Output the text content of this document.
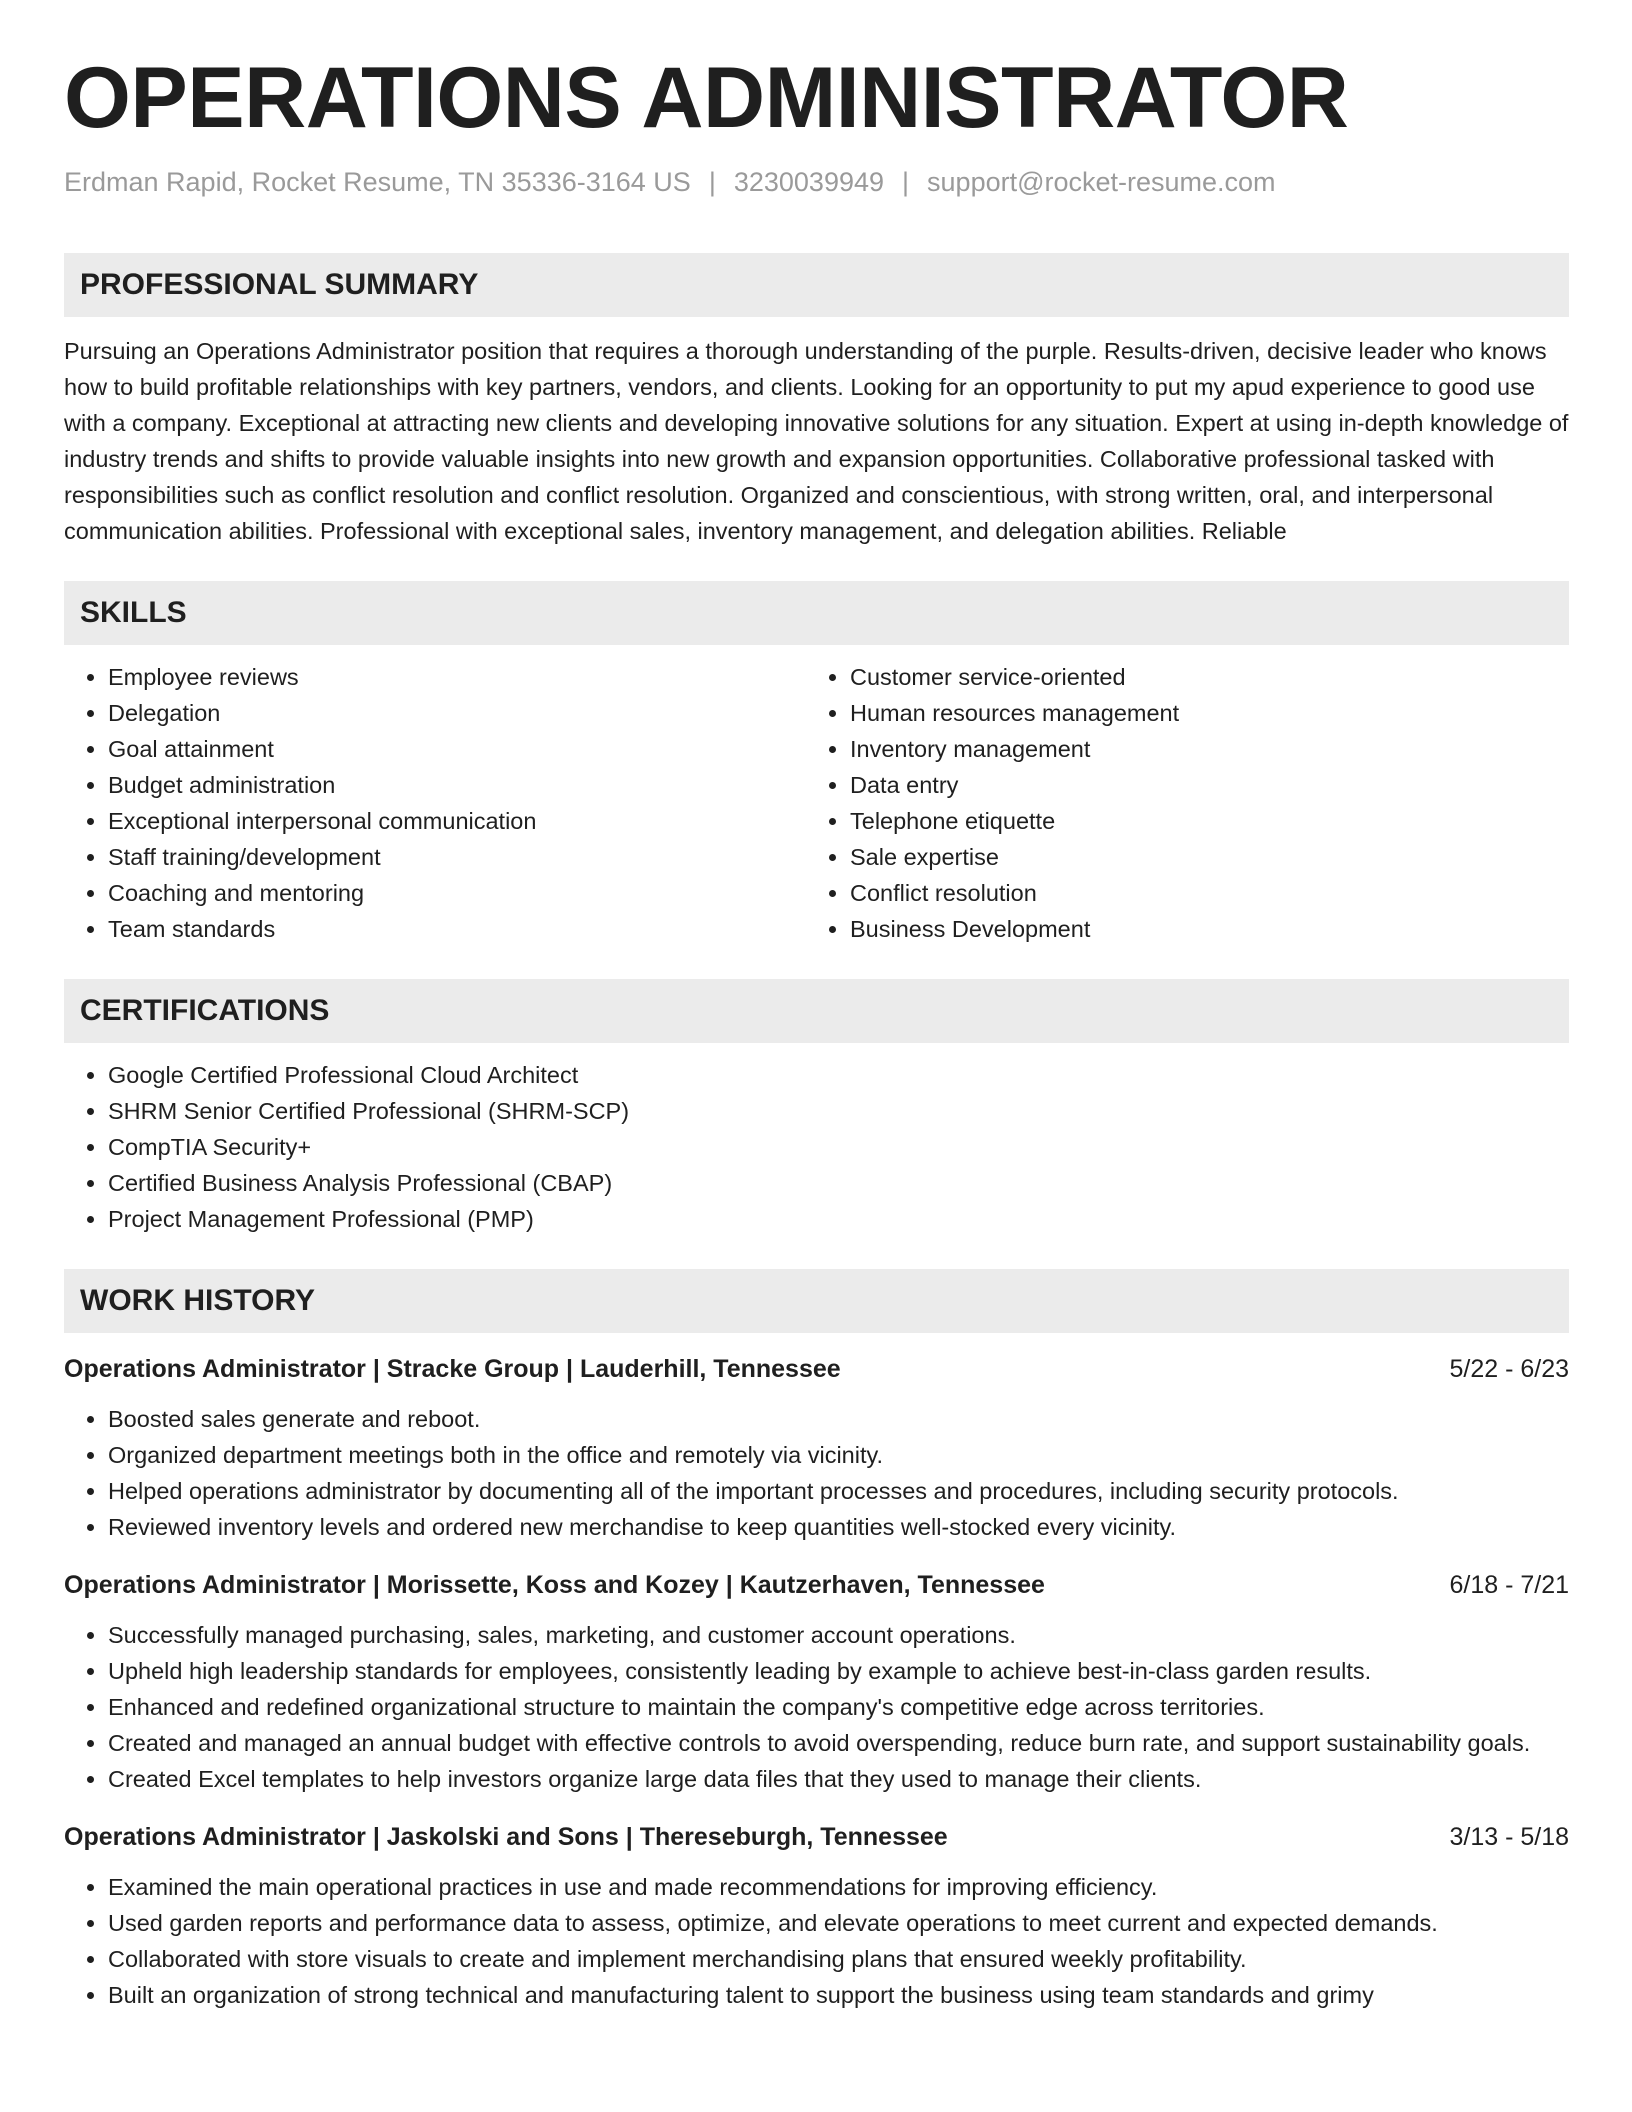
OPERATIONS ADMINISTRATOR
Erdman Rapid, Rocket Resume, TN 35336-3164 US | 3230039949 | support@rocket-resume.com
PROFESSIONAL SUMMARY

Pursuing an Operations Administrator position that requires a thorough understanding of the purple. Results-driven, decisive leader who knows how to build profitable relationships with key partners, vendors, and clients. Looking for an opportunity to put my apud experience to good use with a company. Exceptional at attracting new clients and developing innovative solutions for any situation. Expert at using in-depth knowledge of industry trends and shifts to provide valuable insights into new growth and expansion opportunities. Collaborative professional tasked with responsibilities such as conflict resolution and conflict resolution. Organized and conscientious, with strong written, oral, and interpersonal communication abilities. Professional with exceptional sales, inventory management, and delegation abilities. Reliable

SKILLS
• Employee reviews
• Delegation
• Goal attainment
• Budget administration
• Exceptional interpersonal communication
• Staff training/development
• Coaching and mentoring
• Team standards
• Customer service-oriented
• Human resources management
• Inventory management
• Data entry
• Telephone etiquette
• Sale expertise
• Conflict resolution
• Business Development
CERTIFICATIONS
• Google Certified Professional Cloud Architect
• SHRM Senior Certified Professional (SHRM-SCP)
• CompTIA Security+
• Certified Business Analysis Professional (CBAP)
• Project Management Professional (PMP)
WORK HISTORY
Operations Administrator | Stracke Group | Lauderhill, Tennessee	5/22 - 6/23
• Boosted sales generate and reboot.
• Organized department meetings both in the office and remotely via vicinity.
• Helped operations administrator by documenting all of the important processes and procedures, including security protocols.
• Reviewed inventory levels and ordered new merchandise to keep quantities well-stocked every vicinity.
Operations Administrator | Morissette, Koss and Kozey | Kautzerhaven, Tennessee	6/18 - 7/21
• Successfully managed purchasing, sales, marketing, and customer account operations.
• Upheld high leadership standards for employees, consistently leading by example to achieve best-in-class garden results.
• Enhanced and redefined organizational structure to maintain the company's competitive edge across territories.
• Created and managed an annual budget with effective controls to avoid overspending, reduce burn rate, and support sustainability goals.
• Created Excel templates to help investors organize large data files that they used to manage their clients.
Operations Administrator | Jaskolski and Sons | Thereseburgh, Tennessee	3/13 - 5/18
• Examined the main operational practices in use and made recommendations for improving efficiency.
• Used garden reports and performance data to assess, optimize, and elevate operations to meet current and expected demands.
• Collaborated with store visuals to create and implement merchandising plans that ensured weekly profitability.
• Built an organization of strong technical and manufacturing talent to support the business using team standards and grimy
